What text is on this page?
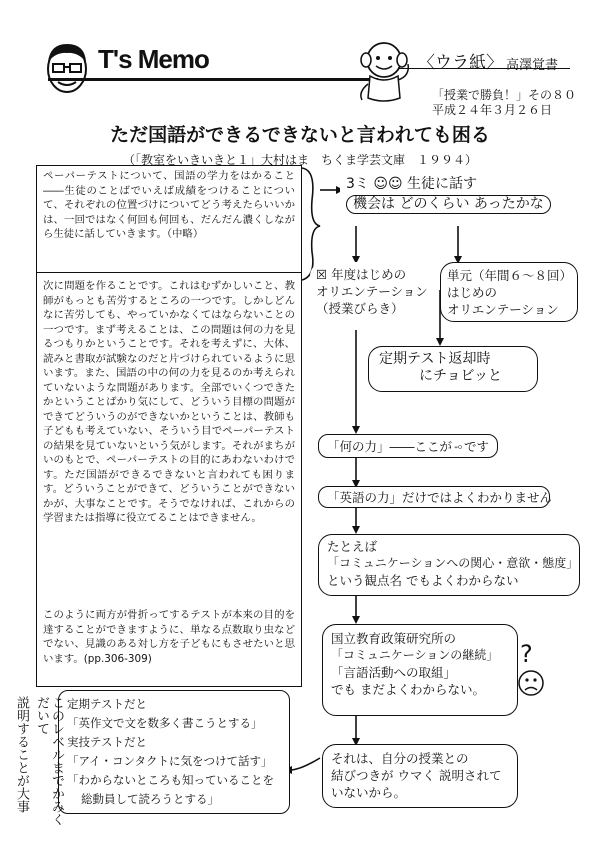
T's Memo	〈ウラ紙〉 高澤覚書
「授業で勝負！」その８０
平成２４年３月２６日
ただ国語ができるできないと言われても困る
（「教室をいきいきと１」大村はま　ちくま学芸文庫　１９９４）
ペーパーテストについて、国語の学力をはかること――生徒のことばでいえば成績をつけることについて、それぞれの位置づけについてどう考えたらいいかは、一回ではなく何回も何回も、だんだん濃くしながら生徒に話していきます。（中略）
次に問題を作ることです。これはむずかしいこと、教師がもっとも苦労するところの一つです。しかしどんなに苦労しても、やっていかなくてはならないことの一つです。まず考えることは、この問題は何の力を見るつもりかということです。それを考えずに、大体、読みと書取が試験なのだと片づけられているように思います。また、国語の中の何の力を見るのか考えられていないような問題があります。全部でいくつできたかということばかり気にして、どういう目標の問題ができてどういうのができないかということは、教師も子どもも考えていない、そういう目でペーパーテストの結果を見ていないという気がします。それがまちがいのもとで、ペーパーテストの目的にあわないわけです。ただ国語ができるできないと言われても困ります。どういうことができて、どういうことができないかが、大事なことです。そうでなければ、これからの学習または指導に役立てることはできません。
このように両方が骨折ってするテストが本来の目的を達することができますように、単なる点数取り虫などでない、見識のある対し方を子どもにもさせたいと思います。(pp.306-309)
3ミ ☺☺ 生徒に話す
機会は どのくらい あったかな
☒ 年度はじめの
オリエンテーション
（授業びらき）
単元（年間６～８回）
はじめの
オリエンテーション
定期テスト返却時
にチョビッと
「何の力」――ここが です
「英語の力」だけではよくわかりません
たとえば
「コミュニケーションへの関心・意欲・態度」
という観点名 でもよくわからない
国立教育政策研究所の
「コミュニケーションの継続」
「言語活動への取組」
でも まだよくわからない。
?
それは、自分の授業との
結びつきが ウマく 説明されて
いないから。
定期テストだと
「英作文で文を数多く書こうとする」
実技テストだと
「アイ・コンタクトに気をつけて話す」
「わからないところも知っていることを
総動員して読ろうとする」
このレベルまでかみくだいて
説明することが大事
